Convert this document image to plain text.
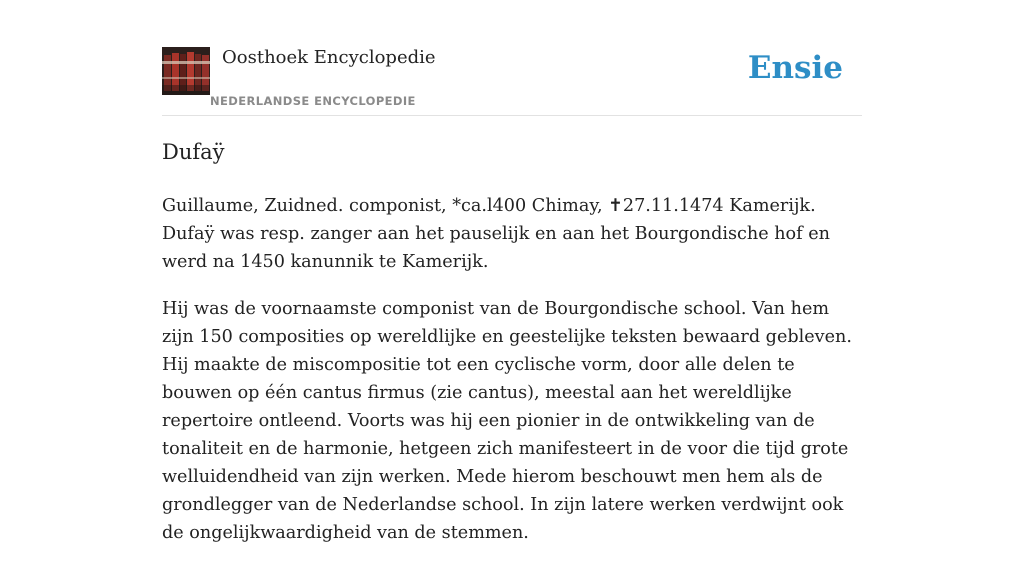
Oosthoek Encyclopedie
NEDERLANDSE ENCYCLOPEDIE
Ensie
Dufaÿ

Guillaume, Zuidned. componist, *ca.l400 Chimay, ✝27.11.1474 Kamerijk. Dufaÿ was resp. zanger aan het pauselijk en aan het Bourgondische hof en werd na 1450 kanunnik te Kamerijk.

Hij was de voornaamste componist van de Bourgondische school. Van hem zijn 150 composities op wereldlijke en geestelijke teksten bewaard gebleven. Hij maakte de miscompositie tot een cyclische vorm, door alle delen te bouwen op één cantus firmus (zie cantus), meestal aan het wereldlijke repertoire ontleend. Voorts was hij een pionier in de ontwikkeling van de tonaliteit en de harmonie, hetgeen zich manifesteert in de voor die tijd grote welluidendheid van zijn werken. Mede hierom beschouwt men hem als de grondlegger van de Nederlandse school. In zijn latere werken verdwijnt ook de ongelijkwaardigheid van de stemmen.
